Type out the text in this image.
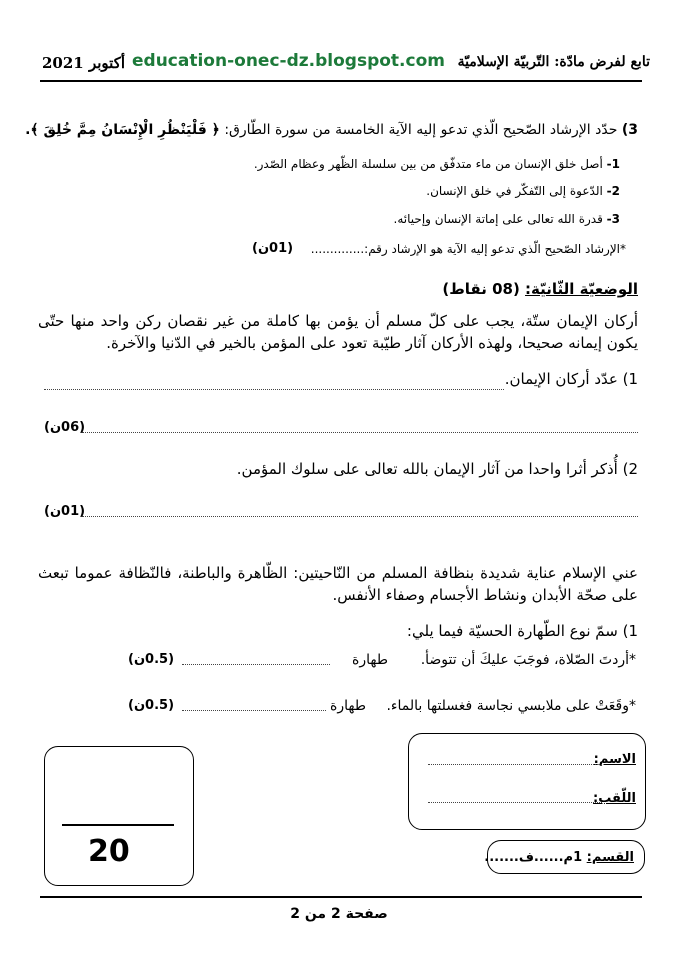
أكتوبر 2021 education-onec-dz.blogspot.com تابع لفرض مادّة: التّربيّة الإسلاميّة
3) حدّد الإرشاد الصّحيح الّذي تدعو إليه الآية الخامسة من سورة الطّارق: ﴿ فَلْيَنْظُرِ الْإِنْسَانُ مِمَّ خُلِقَ ﴾.
1- أصل خلق الإنسان من ماء متدفّق من بين سلسلة الظّهر وعظام الصّدر.
2- الدّعوة إلى التّفكّر في خلق الإنسان.
3- قدرة الله تعالى على إماتة الإنسان وإحيائه.
*الإرشاد الصّحيح الّذي تدعو إليه الآية هو الإرشاد رقم:..............
(01ن)
الوضعيّة الثّانيّة: (08 نقاط)
أركان الإيمان ستّة، يجب على كلّ مسلم أن يؤمن بها كاملة من غير نقصان ركن واحد منها حتّى يكون إيمانه صحيحا، ولهذه الأركان آثار طيّبة تعود على المؤمن بالخير في الدّنيا والآخرة.
1) عدّد أركان الإيمان.
(06ن)
2) أُذكر أثرا واحدا من آثار الإيمان بالله تعالى على سلوك المؤمن.
(01ن)
عني الإسلام عناية شديدة بنظافة المسلم من النّاحيتين: الظّاهرة والباطنة، فالنّظافة عموما تبعث على صحّة الأبدان ونشاط الأجسام وصفاء الأنفس.
1) سمّ نوع الطّهارة الحسيّة فيما يلي:
*أردتَ الصّلاة، فوجَبَ عليكَ أن تتوضأ.
طهارة
(0.5ن)
*وقَعَتْ على ملابسي نجاسة فغسلتها بالماء.
طهارة
(0.5ن)
20
الاسم:
اللّقب:
القسم: 1م......ف.......
صفحة 2 من 2
